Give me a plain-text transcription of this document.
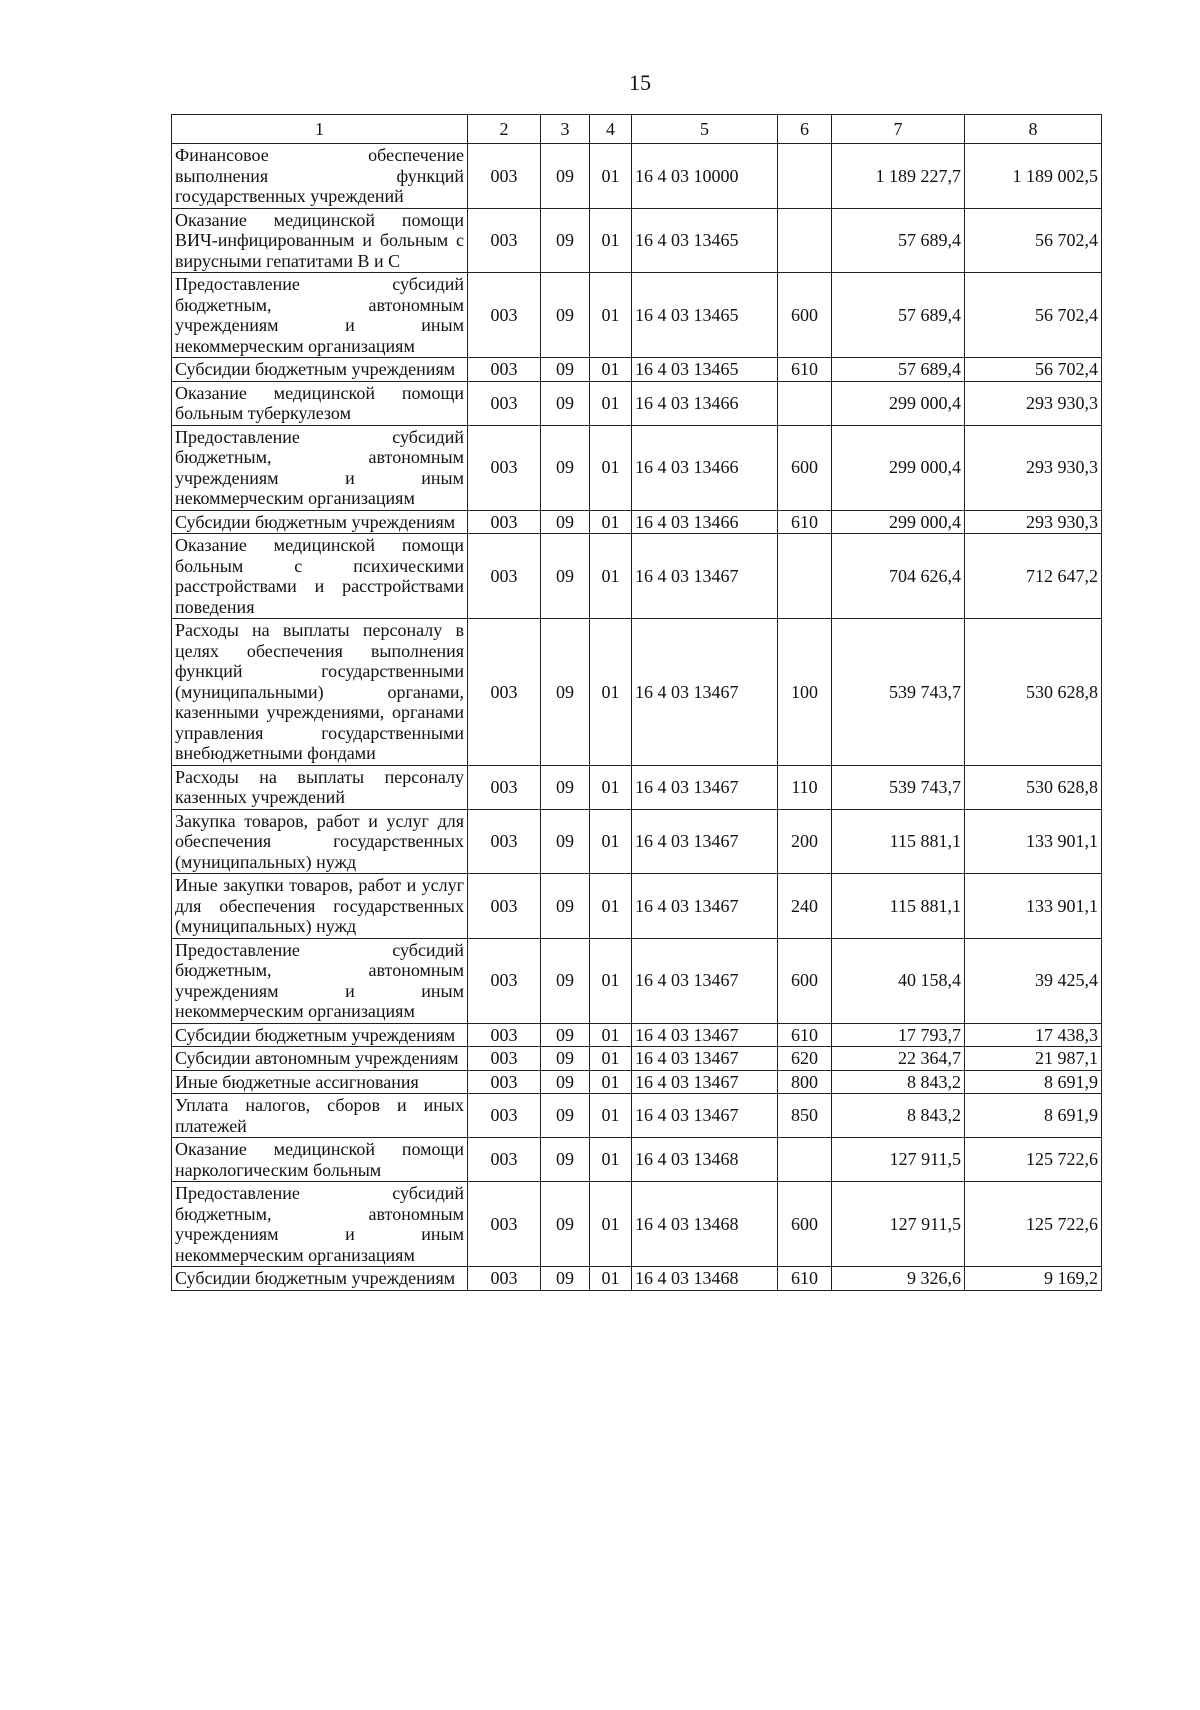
15
1	2	3	4	5	6	7	8
Финансовое обеспечение выполнения функций государственных учреждений	003	09	01	16 4 03 10000		1 189 227,7	1 189 002,5
Оказание медицинской помощи ВИЧ-инфицированным и больным с вирусными гепатитами В и С	003	09	01	16 4 03 13465		57 689,4	56 702,4
Предоставление субсидий бюджетным, автономным учреждениям и иным некоммерческим организациям	003	09	01	16 4 03 13465	600	57 689,4	56 702,4
Субсидии бюджетным учреждениям	003	09	01	16 4 03 13465	610	57 689,4	56 702,4
Оказание медицинской помощи больным туберкулезом	003	09	01	16 4 03 13466		299 000,4	293 930,3
Предоставление субсидий бюджетным, автономным учреждениям и иным некоммерческим организациям	003	09	01	16 4 03 13466	600	299 000,4	293 930,3
Субсидии бюджетным учреждениям	003	09	01	16 4 03 13466	610	299 000,4	293 930,3
Оказание медицинской помощи больным с психическими расстройствами и расстройствами поведения	003	09	01	16 4 03 13467		704 626,4	712 647,2
Расходы на выплаты персоналу в целях обеспечения выполнения функций государственными (муниципальными) органами, казенными учреждениями, органами управления государственными внебюджетными фондами	003	09	01	16 4 03 13467	100	539 743,7	530 628,8
Расходы на выплаты персоналу казенных учреждений	003	09	01	16 4 03 13467	110	539 743,7	530 628,8
Закупка товаров, работ и услуг для обеспечения государственных (муниципальных) нужд	003	09	01	16 4 03 13467	200	115 881,1	133 901,1
Иные закупки товаров, работ и услуг для обеспечения государственных (муниципальных) нужд	003	09	01	16 4 03 13467	240	115 881,1	133 901,1
Предоставление субсидий бюджетным, автономным учреждениям и иным некоммерческим организациям	003	09	01	16 4 03 13467	600	40 158,4	39 425,4
Субсидии бюджетным учреждениям	003	09	01	16 4 03 13467	610	17 793,7	17 438,3
Субсидии автономным учреждениям	003	09	01	16 4 03 13467	620	22 364,7	21 987,1
Иные бюджетные ассигнования	003	09	01	16 4 03 13467	800	8 843,2	8 691,9
Уплата налогов, сборов и иных платежей	003	09	01	16 4 03 13467	850	8 843,2	8 691,9
Оказание медицинской помощи наркологическим больным	003	09	01	16 4 03 13468		127 911,5	125 722,6
Предоставление субсидий бюджетным, автономным учреждениям и иным некоммерческим организациям	003	09	01	16 4 03 13468	600	127 911,5	125 722,6
Субсидии бюджетным учреждениям	003	09	01	16 4 03 13468	610	9 326,6	9 169,2
